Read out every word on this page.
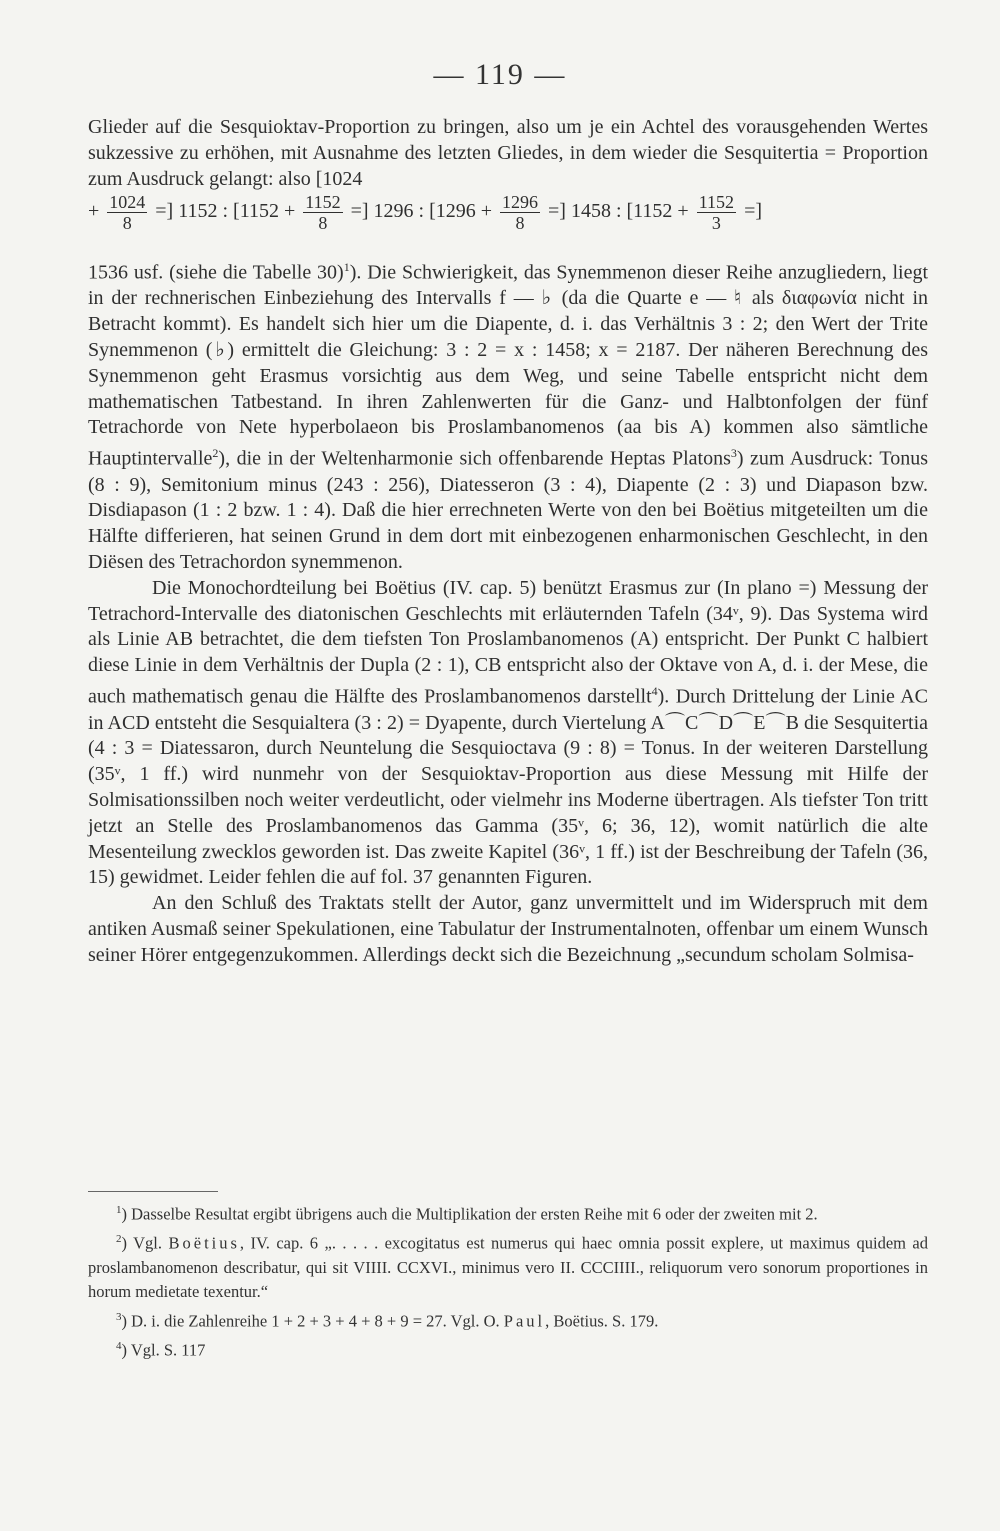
— 119 —

Glieder auf die Sesquioktav-Proportion zu bringen, also um je ein Achtel des vorausgehenden Wertes sukzessive zu erhöhen, mit Ausnahme des letzten Gliedes, in dem wieder die Sesquitertia = Proportion zum Ausdruck gelangt: also [1024

+ $\frac{1024}{8}$ =] 1152 : [$1152 + \frac{1152}{8}$ =] 1296 : [$1296 + \frac{1296}{8}$ =] 1458 : [$1152 + \frac{1152}{3}$ =]

1536 usf. (siehe die Tabelle 30)$^1$). Die Schwierigkeit, das Synemmenon dieser Reihe anzugliedern, liegt in der rechnerischen Einbeziehung des Intervalls f — ♭ (da die Quarte e — ♮ als διαφωνία nicht in Betracht kommt). Es handelt sich hier um die Diapente, d. i. das Verhältnis 3 : 2; den Wert der Trite Synemmenon (♭) ermittelt die Gleichung: 3 : 2 = x : 1458; x = 2187. Der näheren Berechnung des Synemmenon geht Erasmus vorsichtig aus dem Weg, und seine Tabelle entspricht nicht dem mathematischen Tatbestand. In ihren Zahlenwerten für die Ganz- und Halbtonfolgen der fünf Tetrachorde von Nete hyperbolaeon bis Proslambanomenos (aa bis A) kommen also sämtliche Hauptintervalle$^2$), die in der Weltenharmonie sich offenbarende Heptas Platons$^3$) zum Ausdruck: Tonus (8 : 9), Semitonium minus (243 : 256), Diatesseron (3 : 4), Diapente (2 : 3) und Diapason bzw. Disdiapason (1 : 2 bzw. 1 : 4). Daß die hier errechneten Werte von den bei Boëtius mitgeteilten um die Hälfte differieren, hat seinen Grund in dem dort mit einbezogenen enharmonischen Geschlecht, in den Diësen des Tetrachordon synemmenon.

Die Monochordteilung bei Boëtius (IV. cap. 5) benützt Erasmus zur (In plano =) Messung der Tetrachord-Intervalle des diatonischen Geschlechts mit erläuternden Tafeln (34ᵛ, 9). Das Systema wird als Linie AB betrachtet, die dem tiefsten Ton Proslambanomenos (A) entspricht. Der Punkt C halbiert diese Linie in dem Verhältnis der Dupla (2 : 1), CB entspricht also der Oktave von A, d. i. der Mese, die auch mathematisch genau die Hälfte des Proslambanomenos darstellt$^4$). Durch Drittelung der Linie AC in ACD entsteht die Sesquialtera (3 : 2) = Dyapente, durch Viertelung A⌒C⌒D⌒E⌒B die Sesquitertia (4 : 3 = Diatessaron, durch Neuntelung die Sesquioctava (9 : 8) = Tonus. In der weiteren Darstellung (35ᵛ, 1 ff.) wird nunmehr von der Sesquioktav-Proportion aus diese Messung mit Hilfe der Solmisationssilben noch weiter verdeutlicht, oder vielmehr ins Moderne übertragen. Als tiefster Ton tritt jetzt an Stelle des Proslambanomenos das Gamma (35ᵛ, 6; 36, 12), womit natürlich die alte Mesenteilung zwecklos geworden ist. Das zweite Kapitel (36ᵛ, 1 ff.) ist der Beschreibung der Tafeln (36, 15) gewidmet. Leider fehlen die auf fol. 37 genannten Figuren.

An den Schluß des Traktats stellt der Autor, ganz unvermittelt und im Widerspruch mit dem antiken Ausmaß seiner Spekulationen, eine Tabulatur der Instrumentalnoten, offenbar um einem Wunsch seiner Hörer entgegenzukommen. Allerdings deckt sich die Bezeichnung „secundum scholam Solmisa-

$^1$) Dasselbe Resultat ergibt übrigens auch die Multiplikation der ersten Reihe mit 6 oder der zweiten mit 2.

$^2$) Vgl. Boëtius, IV. cap. 6 „. . . . . excogitatus est numerus qui haec omnia possit explere, ut maximus quidem ad proslambanomenon describatur, qui sit VIIII. CCXVI., minimus vero II. CCCIIII., reliquorum vero sonorum proportiones in horum medietate texentur.“

$^3$) D. i. die Zahlenreihe 1 + 2 + 3 + 4 + 8 + 9 = 27. Vgl. O. Paul, Boëtius. S. 179.

$^4$) Vgl. S. 117
